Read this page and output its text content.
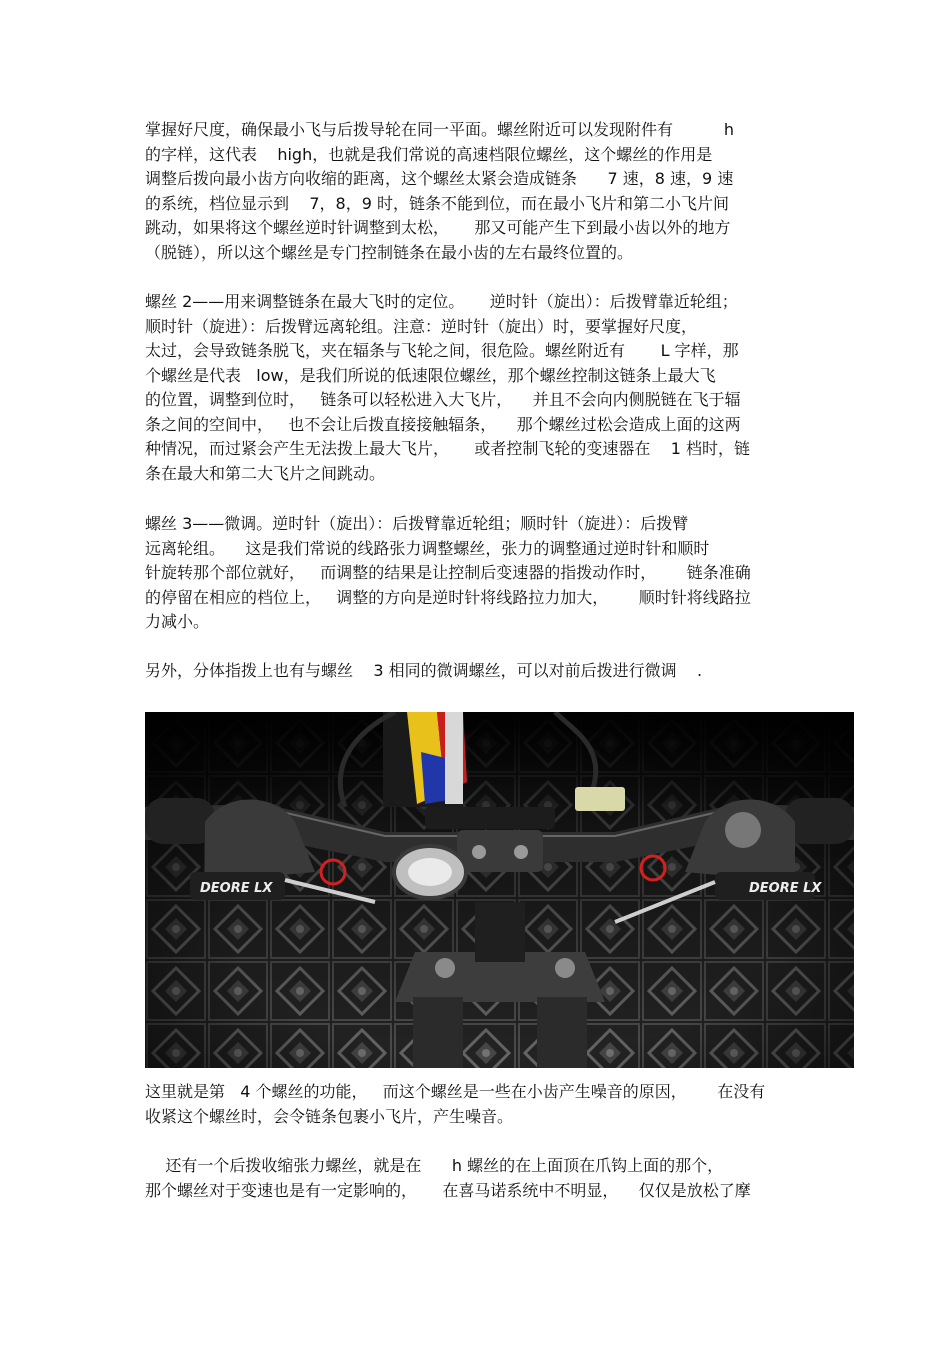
掌握好尺度，确保最小飞与后拨导轮在同一平面。螺丝附近可以发现附件有          h
的字样，这代表    high，也就是我们常说的高速档限位螺丝，这个螺丝的作用是
调整后拨向最小齿方向收缩的距离，这个螺丝太紧会造成链条      7 速，8 速，9 速
的系统，档位显示到    7，8，9 时，链条不能到位，而在最小飞片和第二小飞片间
跳动，如果将这个螺丝逆时针调整到太松，     那又可能产生下到最小齿以外的地方
（脱链），所以这个螺丝是专门控制链条在最小齿的左右最终位置的。

螺丝 2——用来调整链条在最大飞时的定位。     逆时针（旋出）：后拨臂靠近轮组；
顺时针（旋进）：后拨臂远离轮组。注意：逆时针（旋出）时，要掌握好尺度，
太过，会导致链条脱飞，夹在辐条与飞轮之间，很危险。螺丝附近有       L 字样，那
个螺丝是代表   low，是我们所说的低速限位螺丝，那个螺丝控制这链条上最大飞
的位置，调整到位时，   链条可以轻松进入大飞片，    并且不会向内侧脱链在飞于辐
条之间的空间中，   也不会让后拨直接接触辐条，    那个螺丝过松会造成上面的这两
种情况，而过紧会产生无法拨上最大飞片，     或者控制飞轮的变速器在    1 档时，链
条在最大和第二大飞片之间跳动。

螺丝 3——微调。逆时针（旋出）：后拨臂靠近轮组；顺时针（旋进）：后拨臂
远离轮组。    这是我们常说的线路张力调整螺丝，张力的调整通过逆时针和顺时
针旋转那个部位就好，   而调整的结果是让控制后变速器的指拨动作时，      链条准确
的停留在相应的档位上，   调整的方向是逆时针将线路拉力加大，      顺时针将线路拉
力减小。

另外，分体指拨上也有与螺丝    3 相同的微调螺丝，可以对前后拨进行微调    .

DEORE LX	DEORE LX

这里就是第   4 个螺丝的功能，   而这个螺丝是一些在小齿产生噪音的原因，      在没有
收紧这个螺丝时，会令链条包裹小飞片，产生噪音。

还有一个后拨收缩张力螺丝，就是在      h 螺丝的在上面顶在爪钩上面的那个，
那个螺丝对于变速也是有一定影响的，     在喜马诺系统中不明显，    仅仅是放松了摩
